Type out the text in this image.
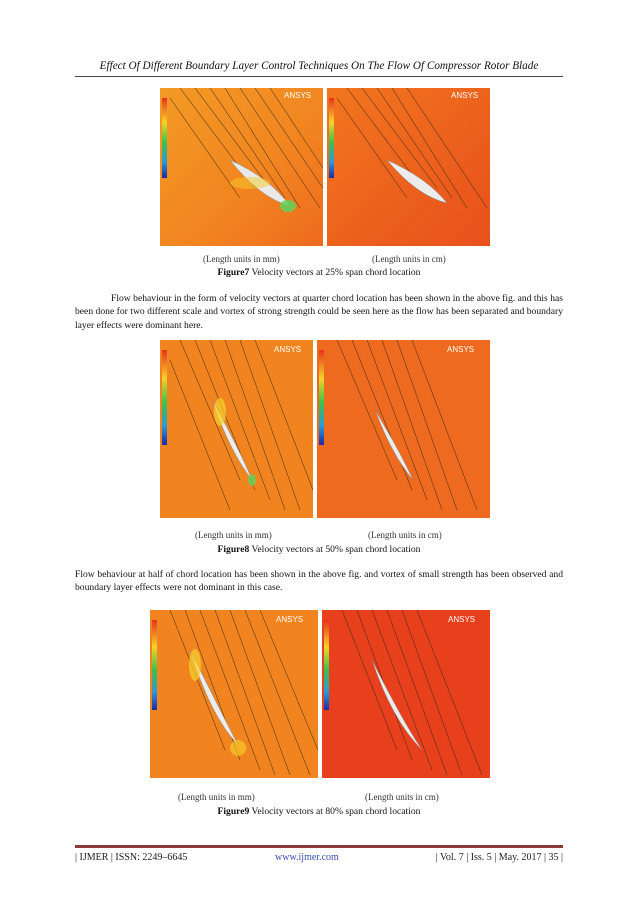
Effect Of Different Boundary Layer Control Techniques On The Flow Of Compressor Rotor Blade
ANSYS	ANSYS
(Length units in mm)	(Length units in cm)
Figure7 Velocity vectors at 25% span chord location
Flow behaviour in the form of velocity vectors at quarter chord location has been shown in the above fig. and this has been done for two different scale and vortex of strong strength could be seen here as the flow has been separated and boundary layer effects were dominant here.
ANSYS	ANSYS
(Length units in mm)	(Length units in cm)
Figure8 Velocity vectors at 50% span chord location
Flow behaviour at half of chord location has been shown in the above fig. and vortex of small strength has been observed and boundary layer effects were not dominant in this case.
ANSYS	ANSYS
(Length units in mm)	(Length units in cm)
Figure9 Velocity vectors at 80% span chord location
| IJMER | ISSN: 2249–6645	www.ijmer.com	| Vol. 7 | Iss. 5 | May. 2017 | 35 |
